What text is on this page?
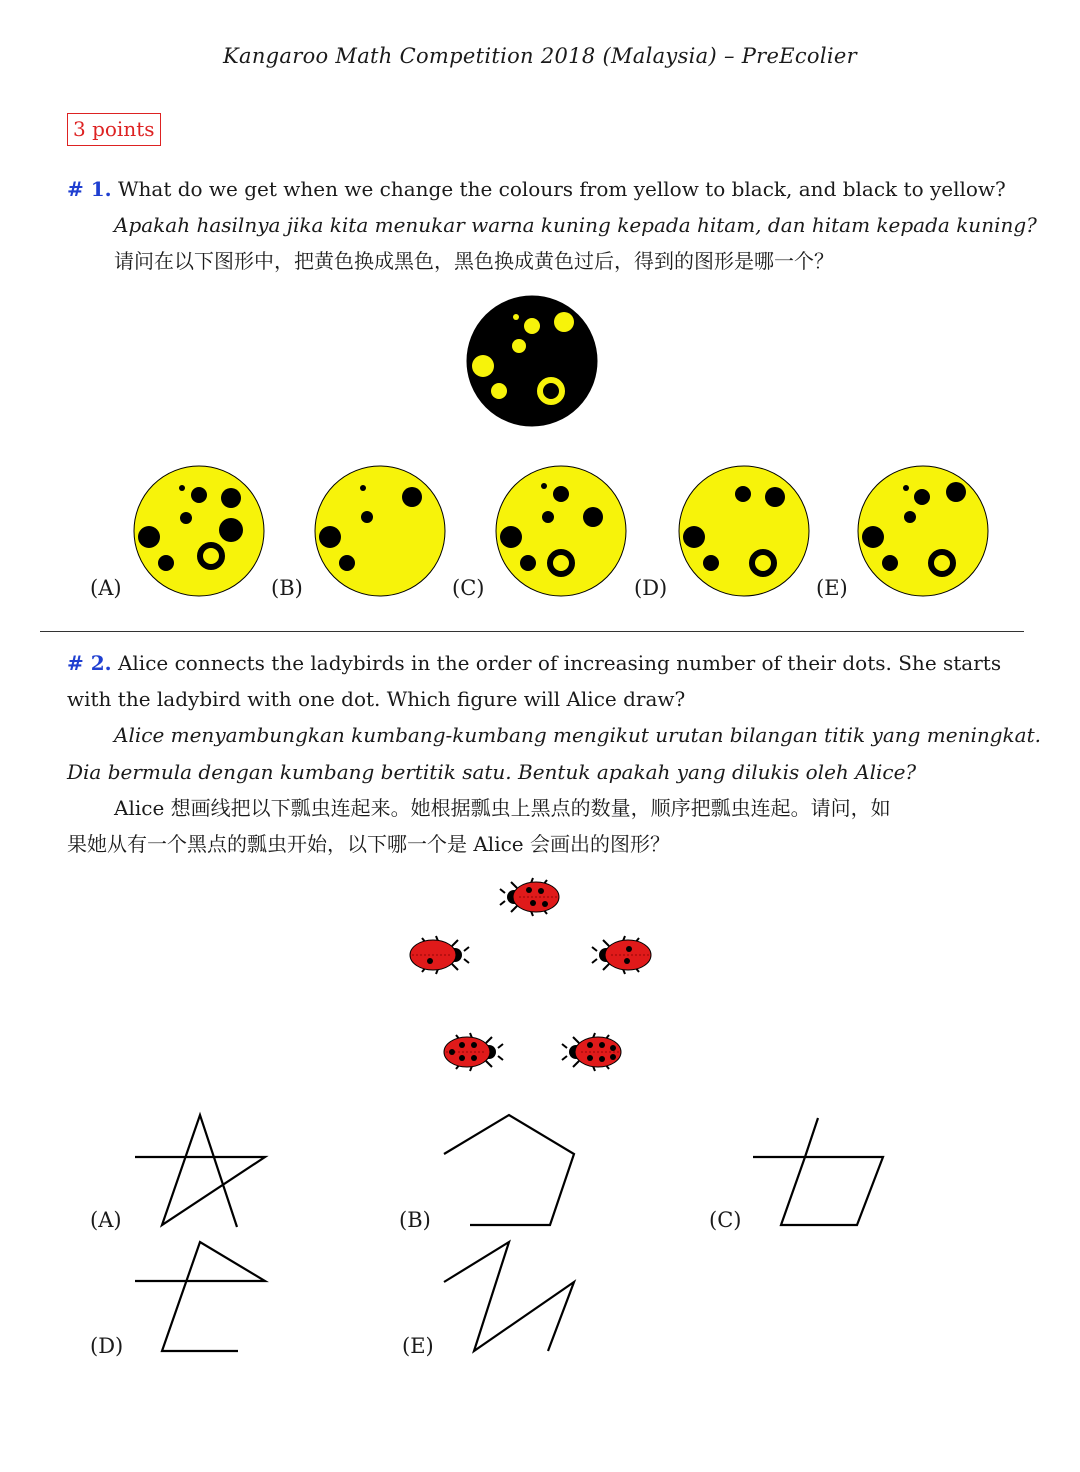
Kangaroo Math Competition 2018 (Malaysia) – PreEcolier
3 points
# 1. What do we get when we change the colours from yellow to black, and black to yellow?
Apakah hasilnya jika kita menukar warna kuning kepada hitam, dan hitam kepada kuning?
请问在以下图形中，把黄色换成黑色，黑色换成黄色过后，得到的图形是哪一个？
(A)	(B)	(C)	(D)	(E)
# 2. Alice connects the ladybirds in the order of increasing number of their dots. She starts
with the ladybird with one dot. Which figure will Alice draw?
Alice menyambungkan kumbang-kumbang mengikut urutan bilangan titik yang meningkat.
Dia bermula dengan kumbang bertitik satu. Bentuk apakah yang dilukis oleh Alice?
Alice 想画线把以下瓢虫连起来。她根据瓢虫上黑点的数量，顺序把瓢虫连起。请问，如
果她从有一个黑点的瓢虫开始，以下哪一个是 Alice 会画出的图形？
(A)	(B)	(C)
(D)	(E)
